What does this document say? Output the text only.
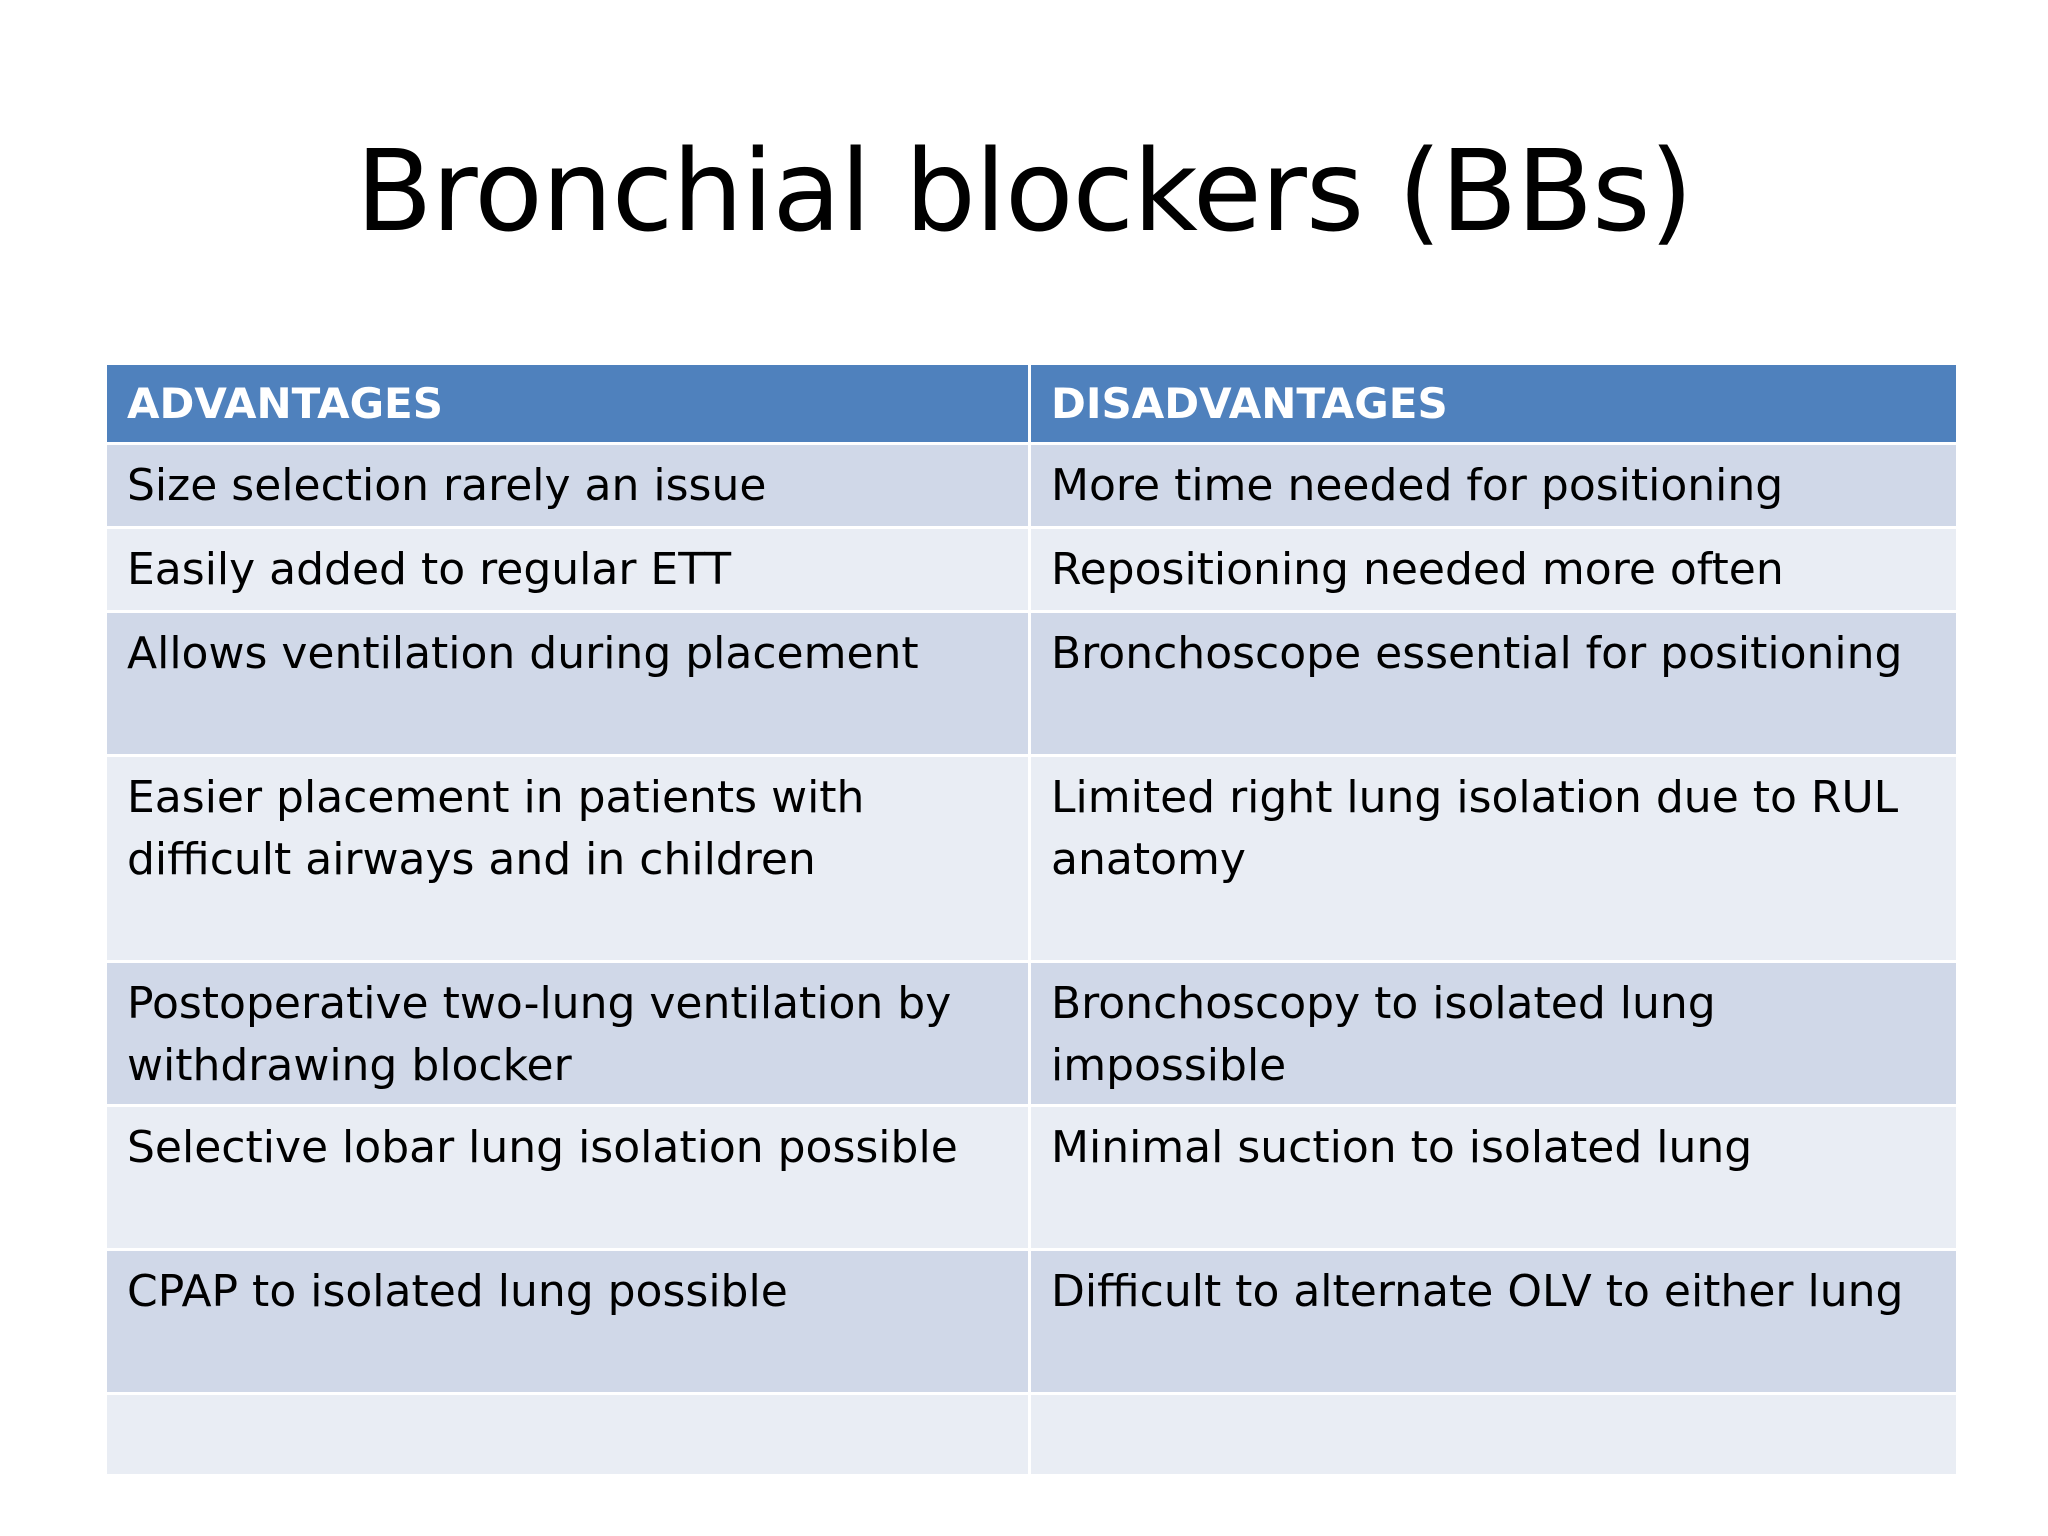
Bronchial blockers (BBs)
ADVANTAGES	DISADVANTAGES
Size selection rarely an issue	More time needed for positioning
Easily added to regular ETT	Repositioning needed more often
Allows ventilation during placement	Bronchoscope essential for positioning
Easier placement in patients with difficult airways and in children	Limited right lung isolation due to RUL anatomy
Postoperative two-lung ventilation by withdrawing blocker	Bronchoscopy to isolated lung impossible
Selective lobar lung isolation possible	Minimal suction to isolated lung
CPAP to isolated lung possible	Difficult to alternate OLV to either lung
